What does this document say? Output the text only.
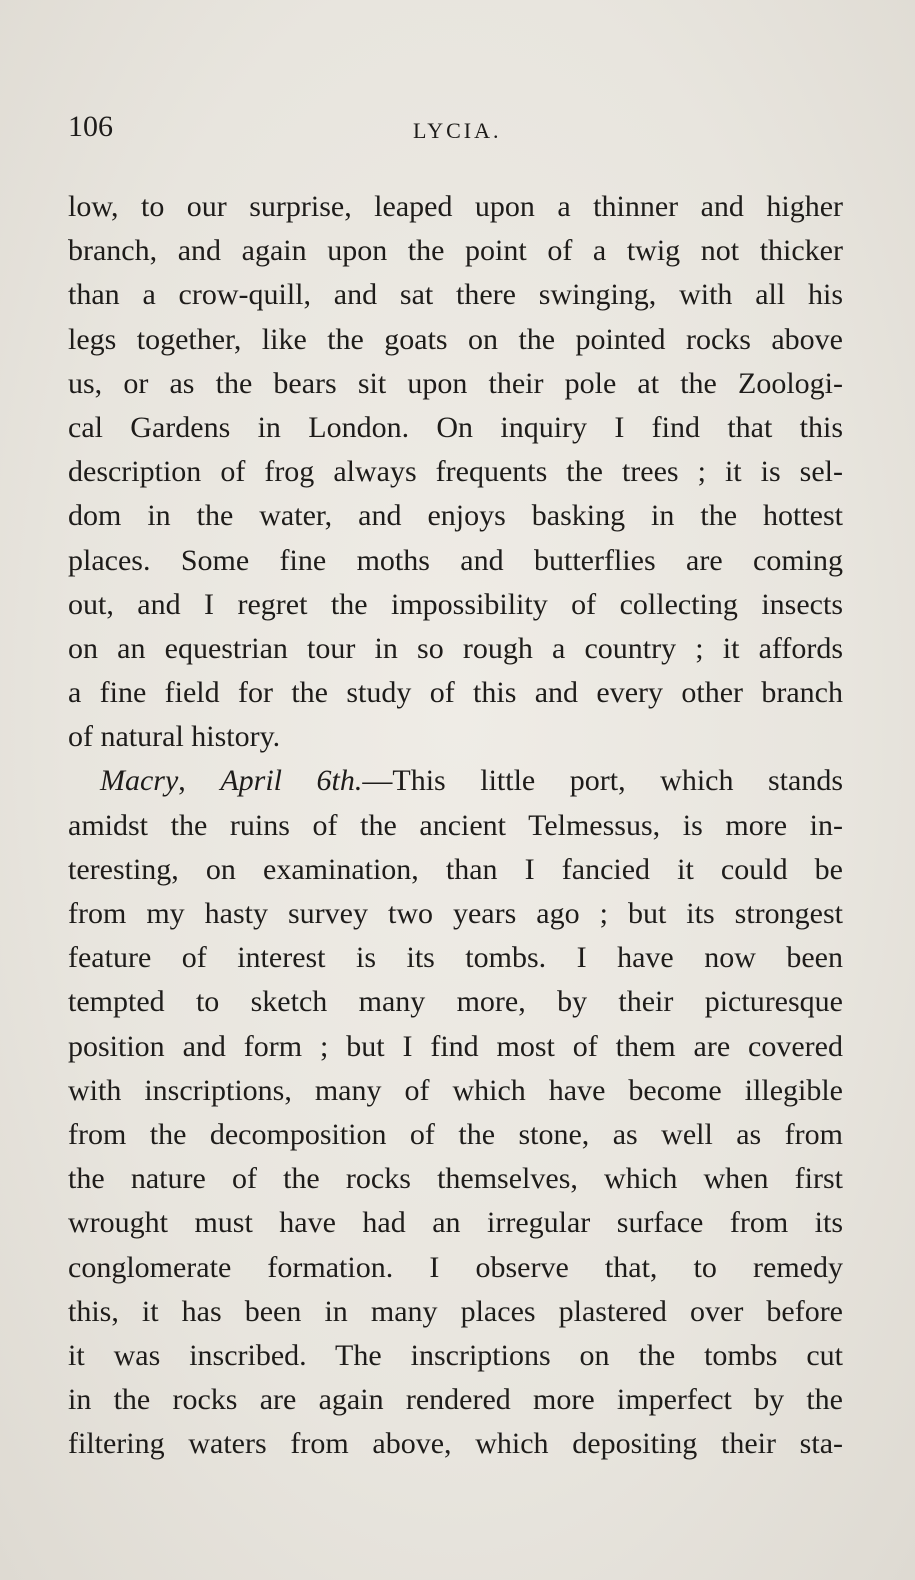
106	LYCIA.
low, to our surprise, leaped upon a thinner and higher
branch, and again upon the point of a twig not thicker
than a crow-quill, and sat there swinging, with all his
legs together, like the goats on the pointed rocks above
us, or as the bears sit upon their pole at the Zoologi-
cal Gardens in London. On inquiry I find that this
description of frog always frequents the trees ; it is sel-
dom in the water, and enjoys basking in the hottest
places. Some fine moths and butterflies are coming
out, and I regret the impossibility of collecting insects
on an equestrian tour in so rough a country ; it affords
a fine field for the study of this and every other branch
of natural history.
Macry, April 6th.—This little port, which stands
amidst the ruins of the ancient Telmessus, is more in-
teresting, on examination, than I fancied it could be
from my hasty survey two years ago ; but its strongest
feature of interest is its tombs. I have now been
tempted to sketch many more, by their picturesque
position and form ; but I find most of them are covered
with inscriptions, many of which have become illegible
from the decomposition of the stone, as well as from
the nature of the rocks themselves, which when first
wrought must have had an irregular surface from its
conglomerate formation. I observe that, to remedy
this, it has been in many places plastered over before
it was inscribed. The inscriptions on the tombs cut
in the rocks are again rendered more imperfect by the
filtering waters from above, which depositing their sta-
